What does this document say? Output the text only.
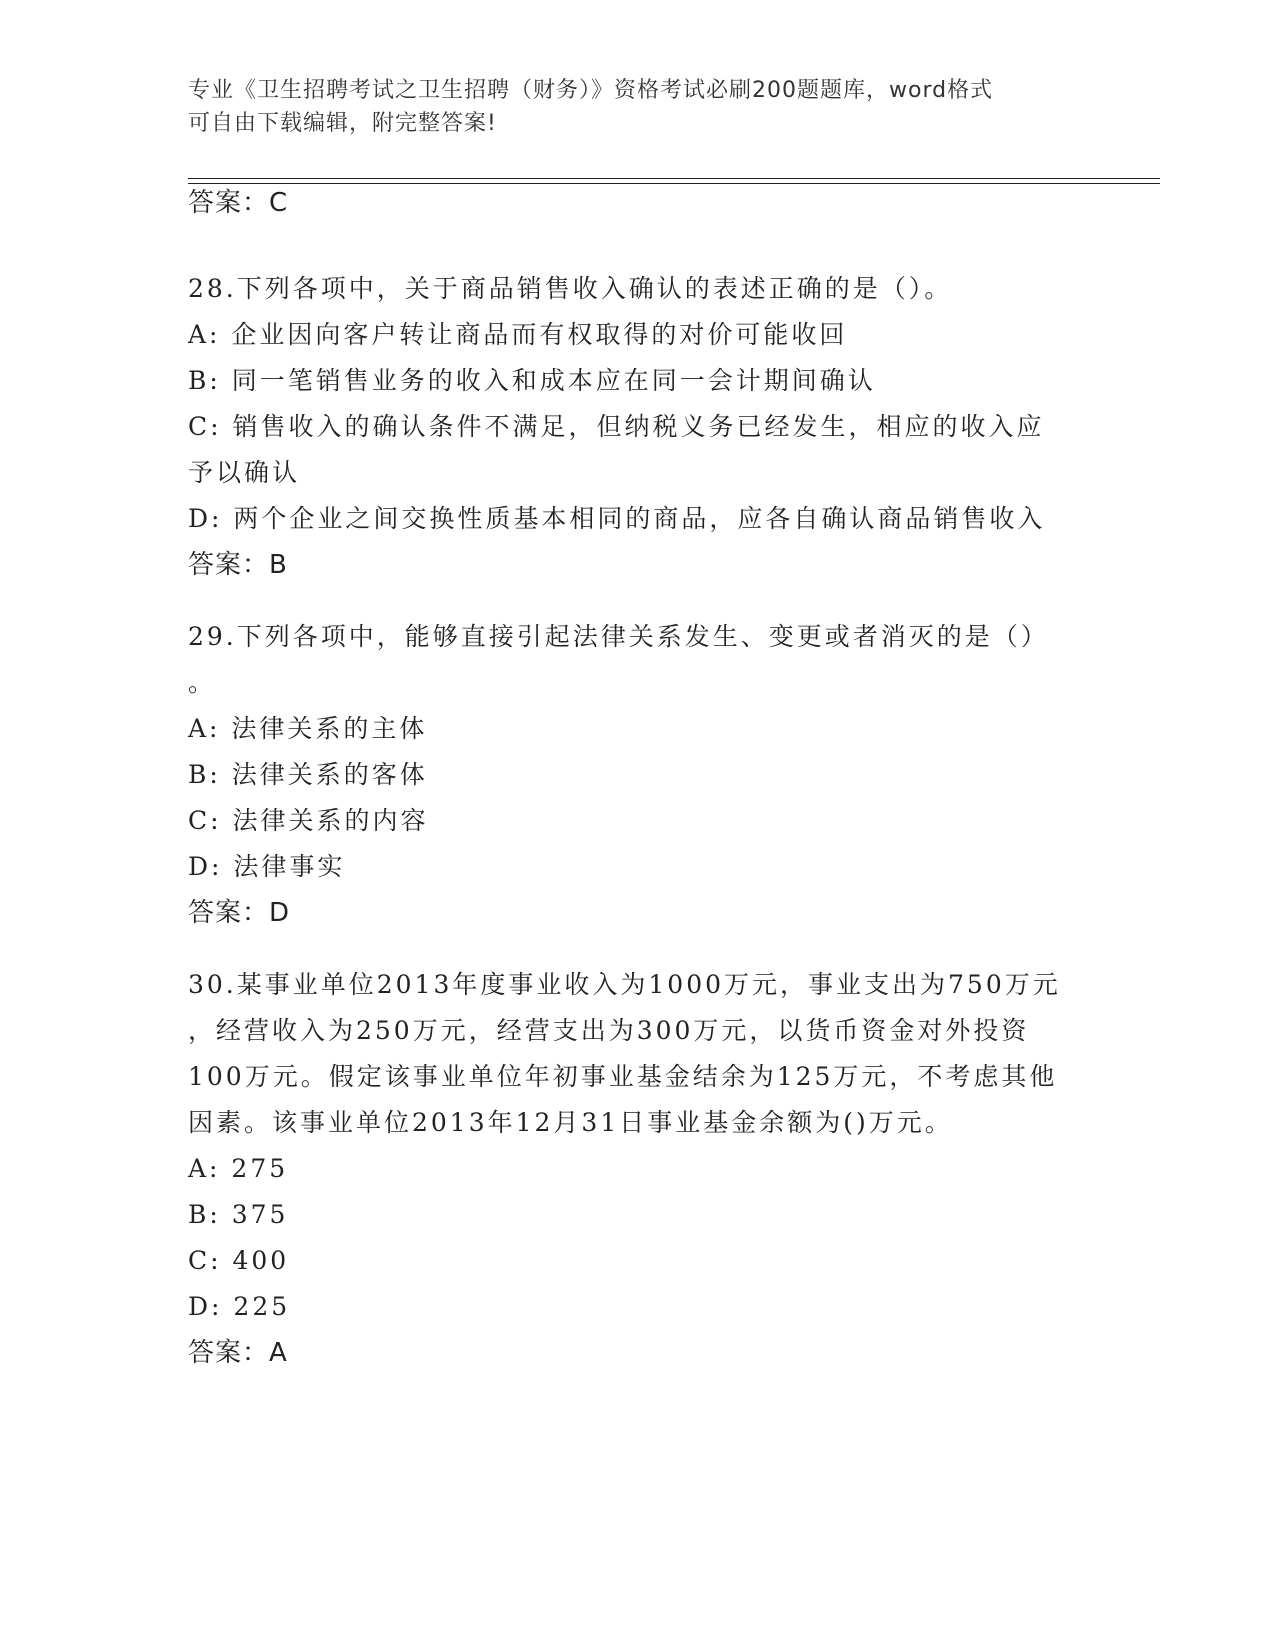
专业《卫生招聘考试之卫生招聘（财务）》资格考试必刷200题题库，word格式
可自由下载编辑，附完整答案!
答案：C
28.下列各项中，关于商品销售收入确认的表述正确的是（）。
A: 企业因向客户转让商品而有权取得的对价可能收回
B: 同一笔销售业务的收入和成本应在同一会计期间确认
C: 销售收入的确认条件不满足，但纳税义务已经发生，相应的收入应
予以确认
D: 两个企业之间交换性质基本相同的商品，应各自确认商品销售收入
答案：B
29.下列各项中，能够直接引起法律关系发生、变更或者消灭的是（）
。
A: 法律关系的主体
B: 法律关系的客体
C: 法律关系的内容
D: 法律事实
答案：D
30.某事业单位2013年度事业收入为1000万元，事业支出为750万元
，经营收入为250万元，经营支出为300万元，以货币资金对外投资
100万元。假定该事业单位年初事业基金结余为125万元，不考虑其他
因素。该事业单位2013年12月31日事业基金余额为()万元。
A: 275
B: 375
C: 400
D: 225
答案：A
